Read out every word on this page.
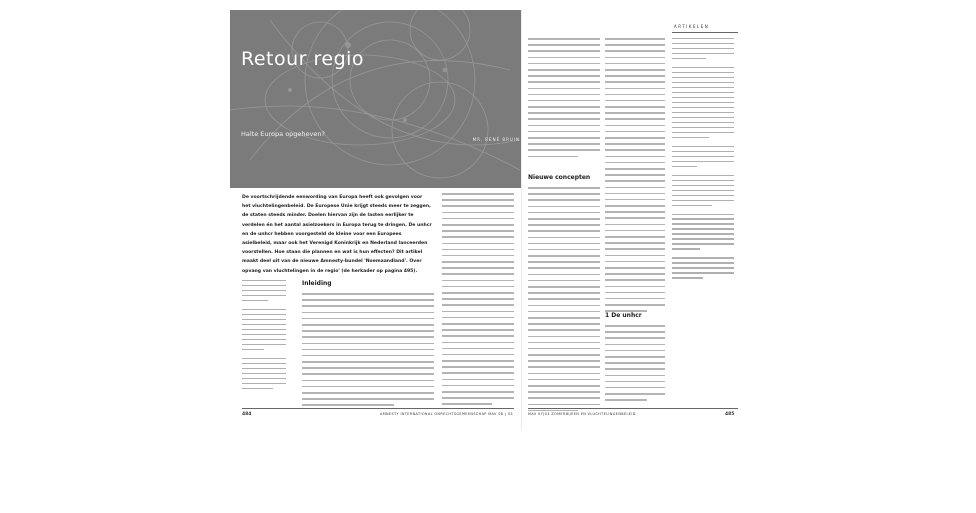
Retour regio
Halte Europa opgeheven?
MR. RENÉ BRUIN
De voortschrijdende eenwording van Europa heeft ook gevolgen voor het vluchtelingenbeleid. De Europese Unie krijgt steeds meer te zeggen, de staten steeds minder. Doelen hiervan zijn de lasten eerlijker te verdelen én het aantal asielzoekers in Europa terug te dringen. De unhcr en de unhcr hebben voorgesteld de kleine voor een Europees asielbeleid, maar ook het Verenigd Koninkrijk en Nederland lanceerden voorstellen. Hoe staan die plannen en wat is hun effecten? Dit artikel maakt deel uit van de nieuwe Amnesty-bundel 'Noemaandland'. Over opvang van vluchtelingen in de regio' (de herkader op pagina 495).
Inleiding
484	AMNESTY INTERNATIONAL ONRECHTSGEMEENSCHAP MAV 08 | 03
ARTIKELEN
Nieuwe concepten
1 De unhcr
MAV 07|03 ZOMERBIJEEN EN VLUCHTELINGENBELEID	485
